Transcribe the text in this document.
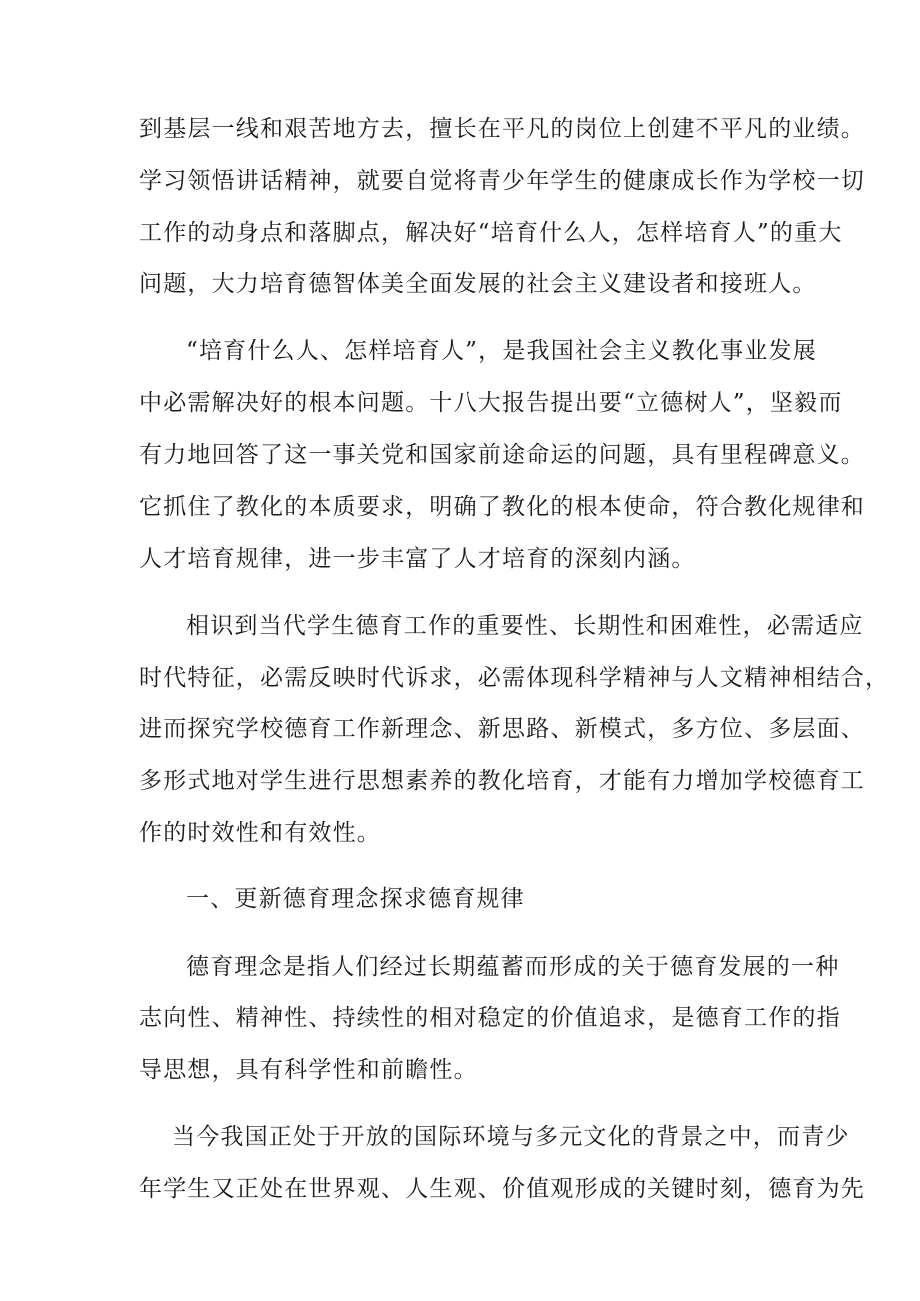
到基层一线和艰苦地方去，擅长在平凡的岗位上创建不平凡的业绩。
学习领悟讲话精神，就要自觉将青少年学生的健康成长作为学校一切
工作的动身点和落脚点，解决好“培育什么人，怎样培育人”的重大
问题，大力培育德智体美全面发展的社会主义建设者和接班人。
“培育什么人、怎样培育人”，是我国社会主义教化事业发展
中必需解决好的根本问题。十八大报告提出要“立德树人”，坚毅而
有力地回答了这一事关党和国家前途命运的问题，具有里程碑意义。
它抓住了教化的本质要求，明确了教化的根本使命，符合教化规律和
人才培育规律，进一步丰富了人才培育的深刻内涵。
相识到当代学生德育工作的重要性、长期性和困难性，必需适应
时代特征，必需反映时代诉求，必需体现科学精神与人文精神相结合，
进而探究学校德育工作新理念、新思路、新模式，多方位、多层面、
多形式地对学生进行思想素养的教化培育，才能有力增加学校德育工
作的时效性和有效性。
一、更新德育理念探求德育规律
德育理念是指人们经过长期蕴蓄而形成的关于德育发展的一种
志向性、精神性、持续性的相对稳定的价值追求，是德育工作的指
导思想，具有科学性和前瞻性。
当今我国正处于开放的国际环境与多元文化的背景之中，而青少
年学生又正处在世界观、人生观、价值观形成的关键时刻，德育为先
